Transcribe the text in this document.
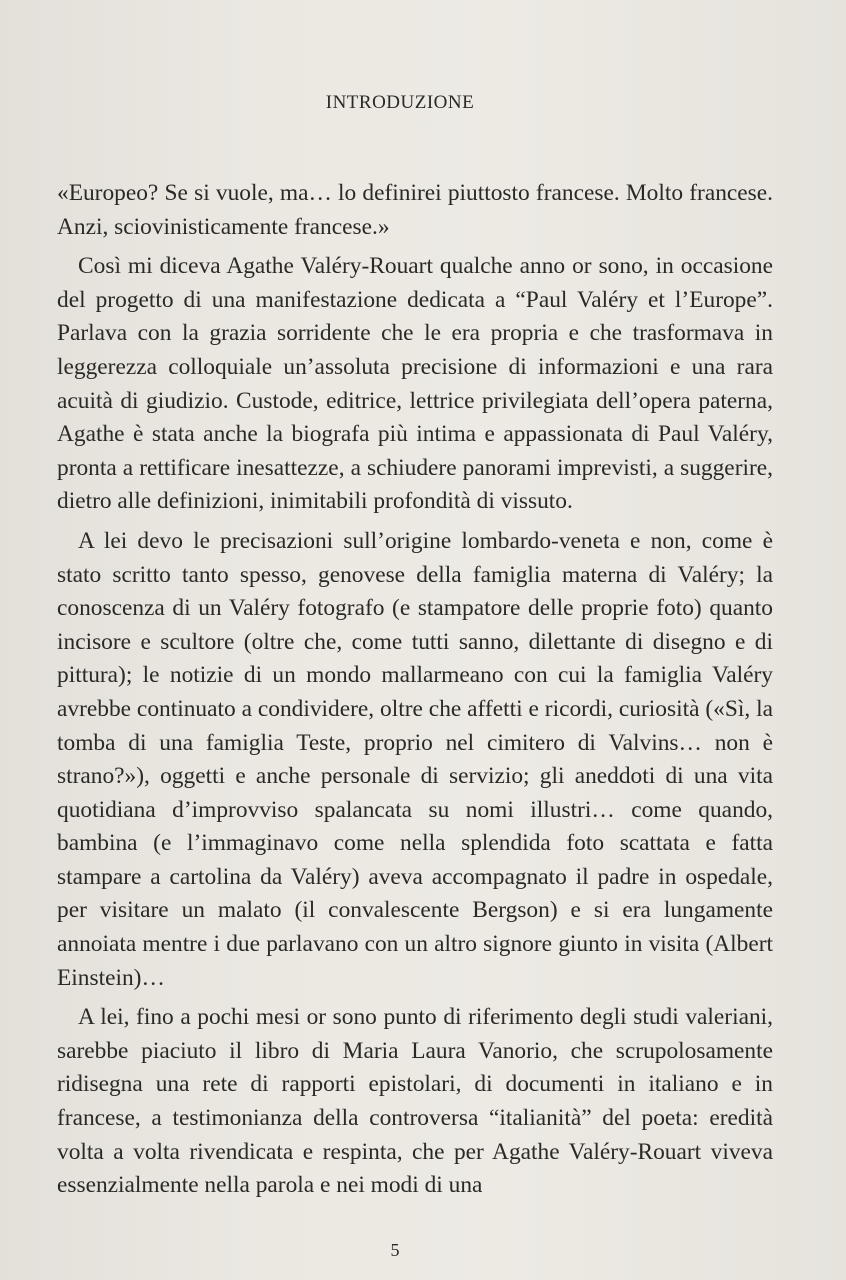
INTRODUZIONE

«Europeo? Se si vuole, ma… lo definirei piuttosto francese. Molto francese. Anzi, sciovinisticamente francese.»

Così mi diceva Agathe Valéry-Rouart qualche anno or sono, in occasione del progetto di una manifestazione dedicata a “Paul Valéry et l’Europe”. Parlava con la grazia sorridente che le era propria e che trasformava in leggerezza colloquiale un’assoluta precisione di informazioni e una rara acuità di giudizio. Custode, editrice, lettrice privilegiata dell’opera paterna, Agathe è stata anche la biografa più intima e appassionata di Paul Valéry, pronta a rettificare inesattezze, a schiudere panorami imprevisti, a suggerire, dietro alle definizioni, inimitabili profondità di vissuto.

A lei devo le precisazioni sull’origine lombardo-veneta e non, come è stato scritto tanto spesso, genovese della famiglia materna di Valéry; la conoscenza di un Valéry fotografo (e stampatore delle proprie foto) quanto incisore e scultore (oltre che, come tutti sanno, dilettante di disegno e di pittura); le notizie di un mondo mallarmeano con cui la famiglia Valéry avrebbe continuato a condividere, oltre che affetti e ricordi, curiosità («Sì, la tomba di una famiglia Teste, proprio nel cimitero di Valvins… non è strano?»), oggetti e anche personale di servizio; gli aneddoti di una vita quotidiana d’improvviso spalancata su nomi illustri… come quando, bambina (e l’immaginavo come nella splendida foto scattata e fatta stampare a cartolina da Valéry) aveva accompagnato il padre in ospedale, per visitare un malato (il convalescente Bergson) e si era lungamente annoiata mentre i due parlavano con un altro signore giunto in visita (Albert Einstein)…

A lei, fino a pochi mesi or sono punto di riferimento degli studi valeriani, sarebbe piaciuto il libro di Maria Laura Vanorio, che scrupolosamente ridisegna una rete di rapporti epistolari, di documenti in italiano e in francese, a testimonianza della controversa “italianità” del poeta: eredità volta a volta rivendicata e respinta, che per Agathe Valéry-Rouart viveva essenzialmente nella parola e nei modi di una

5
